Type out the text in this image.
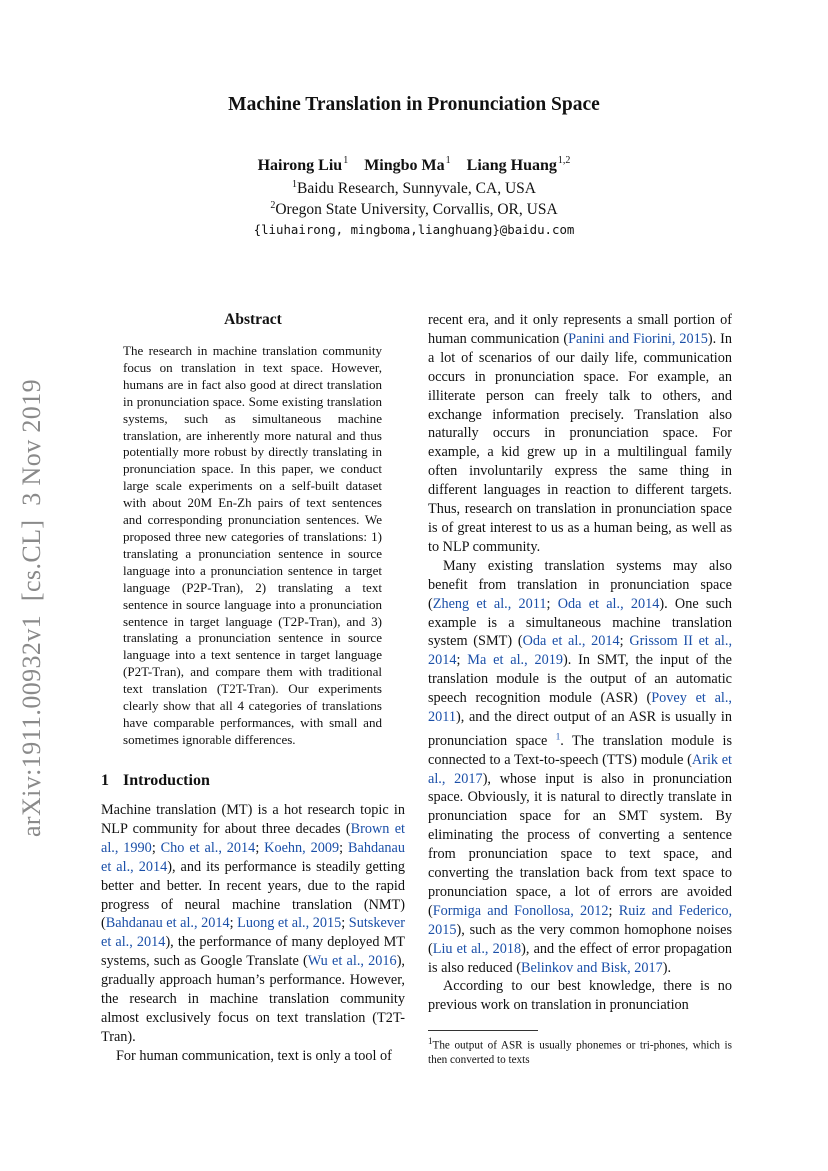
Machine Translation in Pronunciation Space
Hairong Liu$^1$ Mingbo Ma$^1$ Liang Huang$^{1,2}$
$^1$Baidu Research, Sunnyvale, CA, USA
$^2$Oregon State University, Corvallis, OR, USA
{liuhairong, mingboma,lianghuang}@baidu.com
arXiv:1911.00932v1  [cs.CL]  3 Nov 2019
Abstract

The research in machine translation community focus on translation in text space. However, humans are in fact also good at direct translation in pronunciation space. Some existing translation systems, such as simultaneous machine translation, are inherently more natural and thus potentially more robust by directly translating in pronunciation space. In this paper, we conduct large scale experiments on a self-built dataset with about 20M En-Zh pairs of text sentences and corresponding pronunciation sentences. We proposed three new categories of translations: 1) translating a pronunciation sentence in source language into a pronunciation sentence in target language (P2P-Tran), 2) translating a text sentence in source language into a pronunciation sentence in target language (T2P-Tran), and 3) translating a pronunciation sentence in source language into a text sentence in target language (P2T-Tran), and compare them with traditional text translation (T2T-Tran). Our experiments clearly show that all 4 categories of translations have comparable performances, with small and sometimes ignorable differences.

1 Introduction

Machine translation (MT) is a hot research topic in NLP community for about three decades (Brown et al., 1990; Cho et al., 2014; Koehn, 2009; Bahdanau et al., 2014), and its performance is steadily getting better and better. In recent years, due to the rapid progress of neural machine translation (NMT) (Bahdanau et al., 2014; Luong et al., 2015; Sutskever et al., 2014), the performance of many deployed MT systems, such as Google Translate (Wu et al., 2016), gradually approach human’s performance. However, the research in machine translation community almost exclusively focus on text translation (T2T-Tran).

For human communication, text is only a tool of

recent era, and it only represents a small portion of human communication (Panini and Fiorini, 2015). In a lot of scenarios of our daily life, communication occurs in pronunciation space. For example, an illiterate person can freely talk to others, and exchange information precisely. Translation also naturally occurs in pronunciation space. For example, a kid grew up in a multilingual family often involuntarily express the same thing in different languages in reaction to different targets. Thus, research on translation in pronunciation space is of great interest to us as a human being, as well as to NLP community.

Many existing translation systems may also benefit from translation in pronunciation space (Zheng et al., 2011; Oda et al., 2014). One such example is a simultaneous machine translation system (SMT) (Oda et al., 2014; Grissom II et al., 2014; Ma et al., 2019). In SMT, the input of the translation module is the output of an automatic speech recognition module (ASR) (Povey et al., 2011), and the direct output of an ASR is usually in pronunciation space $^1$. The translation module is connected to a Text-to-speech (TTS) module (Arik et al., 2017), whose input is also in pronunciation space. Obviously, it is natural to directly translate in pronunciation space for an SMT system. By eliminating the process of converting a sentence from pronunciation space to text space, and converting the translation back from text space to pronunciation space, a lot of errors are avoided (Formiga and Fonollosa, 2012; Ruiz and Federico, 2015), such as the very common homophone noises (Liu et al., 2018), and the effect of error propagation is also reduced (Belinkov and Bisk, 2017).

According to our best knowledge, there is no previous work on translation in pronunciation

$^1$The output of ASR is usually phonemes or tri-phones, which is then converted to texts
